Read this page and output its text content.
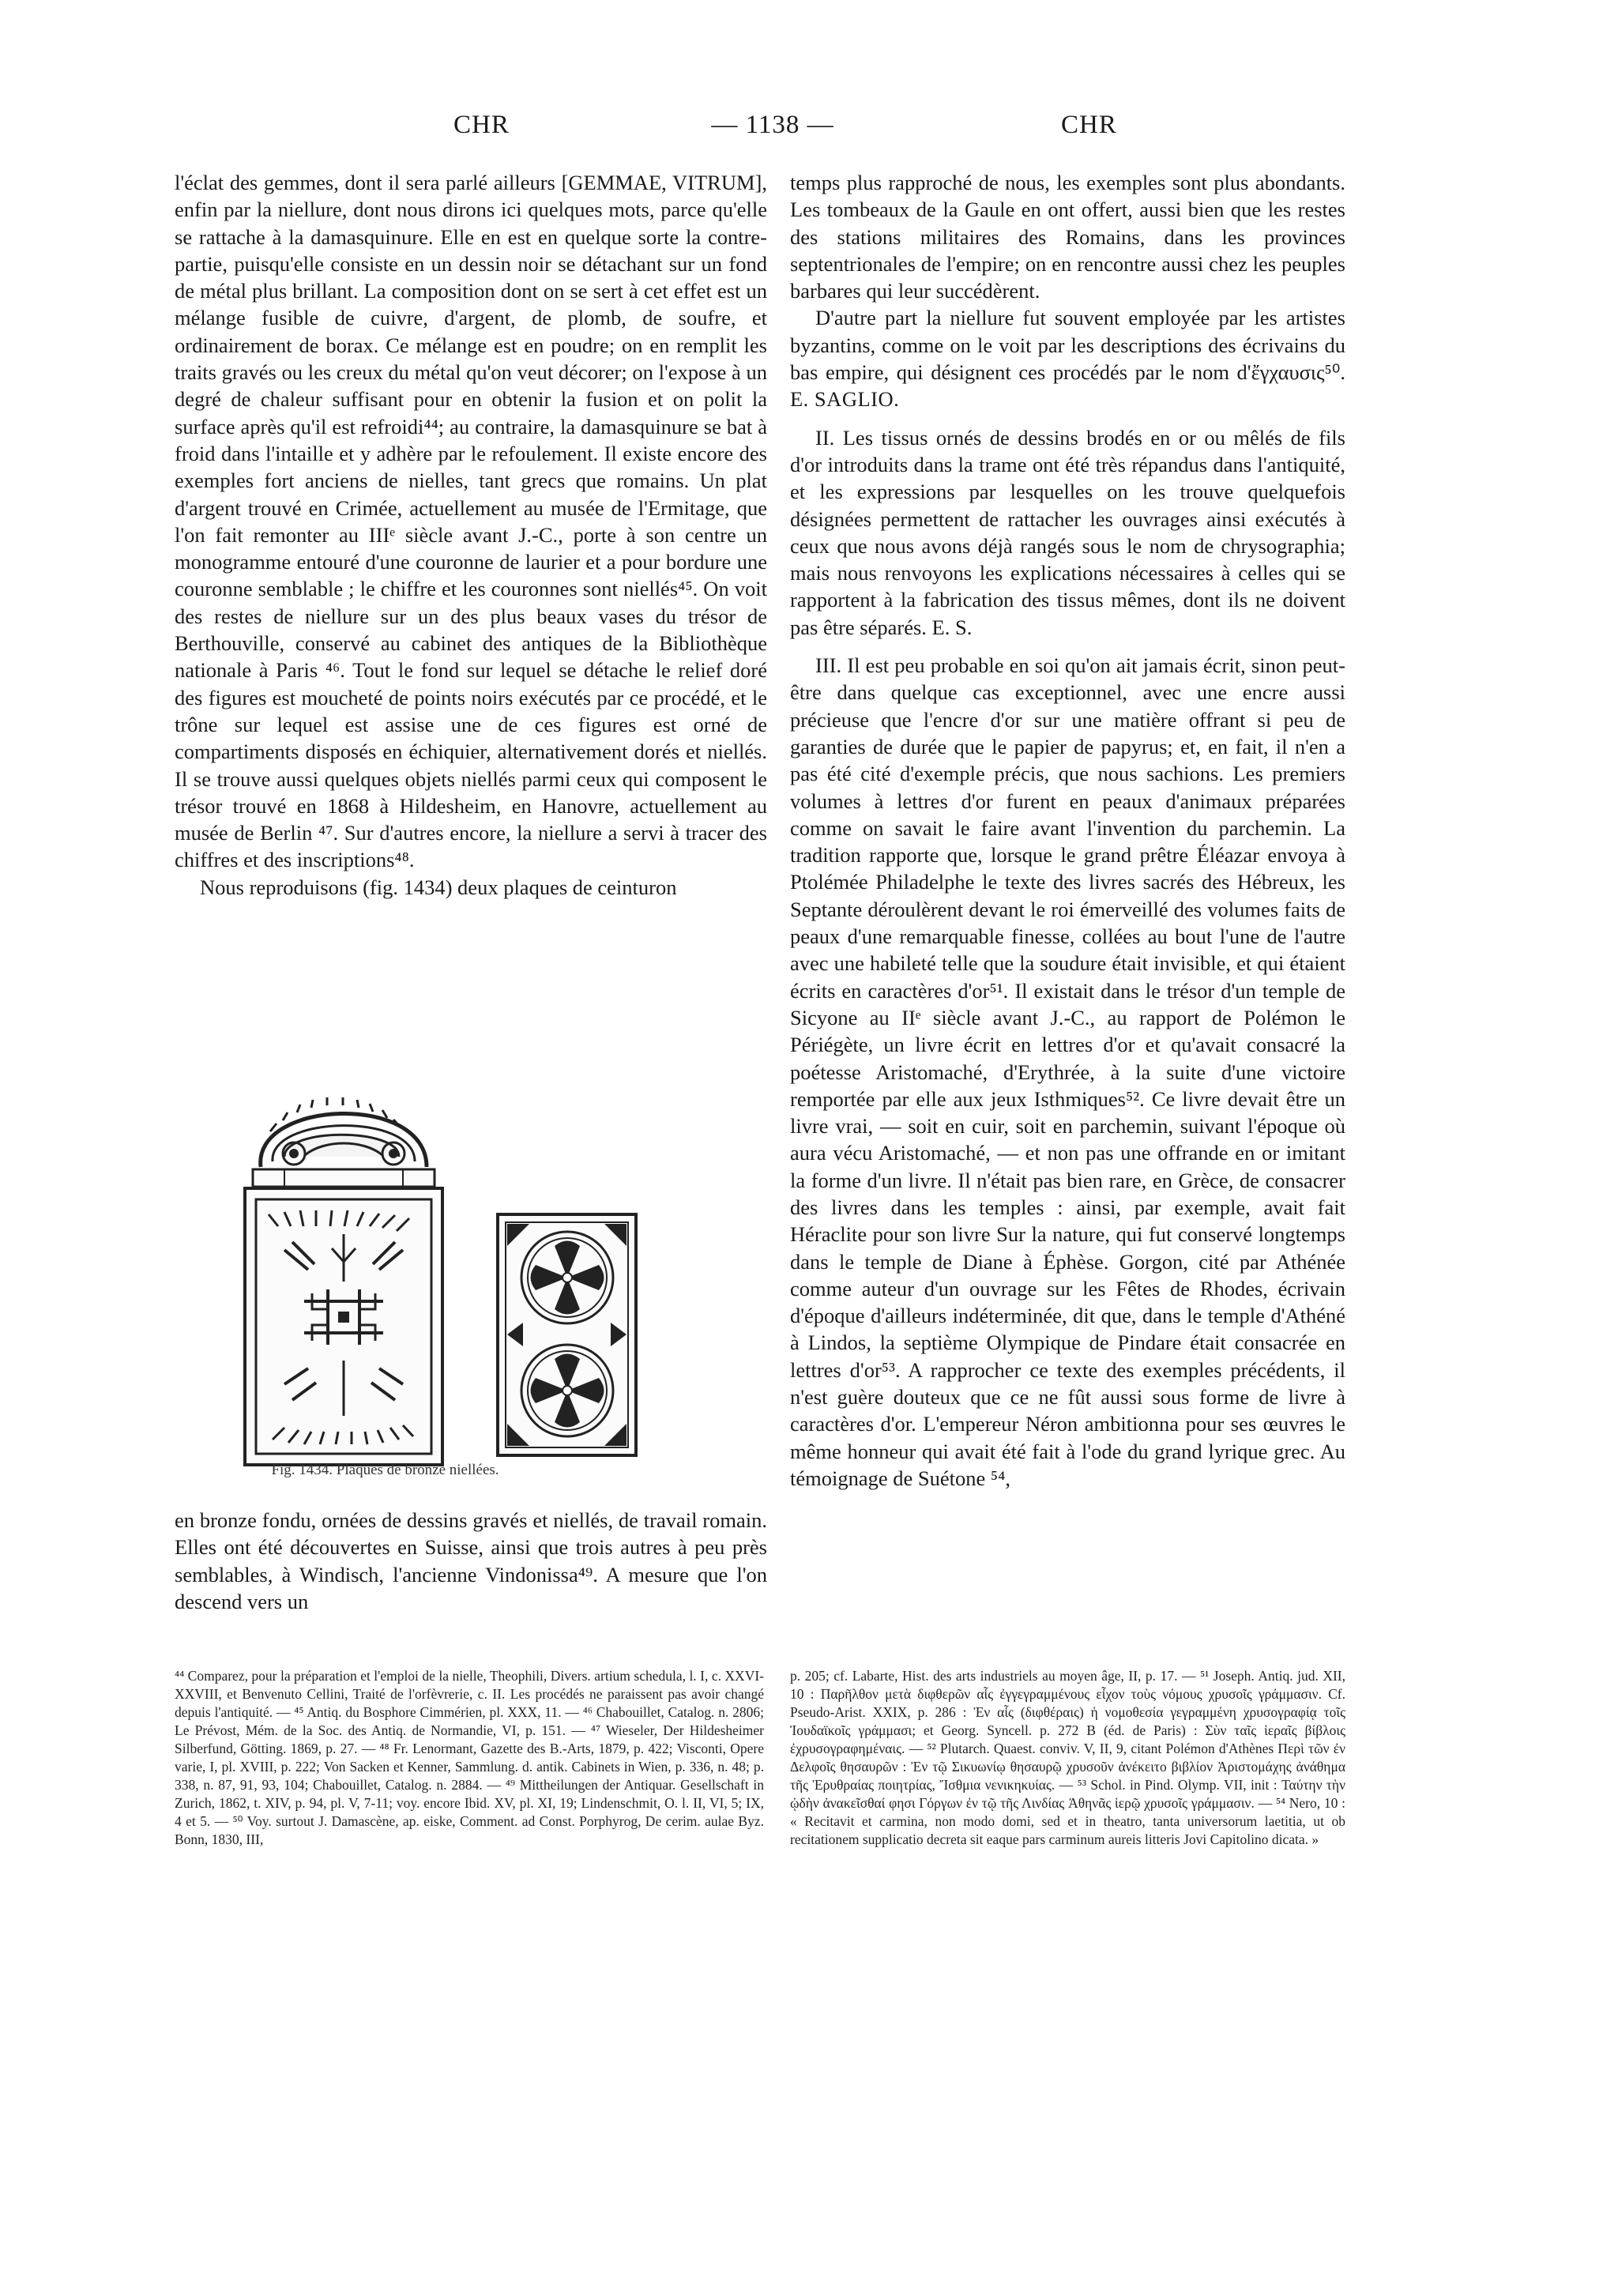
CHR	— 1138 —	CHR

l'éclat des gemmes, dont il sera parlé ailleurs [GEMMAE, VITRUM], enfin par la niellure, dont nous dirons ici quelques mots, parce qu'elle se rattache à la damasquinure. Elle en est en quelque sorte la contre-partie, puisqu'elle consiste en un dessin noir se détachant sur un fond de métal plus brillant. La composition dont on se sert à cet effet est un mélange fusible de cuivre, d'argent, de plomb, de soufre, et ordinairement de borax. Ce mélange est en poudre; on en remplit les traits gravés ou les creux du métal qu'on veut décorer; on l'expose à un degré de chaleur suffisant pour en obtenir la fusion et on polit la surface après qu'il est refroidi⁴⁴; au contraire, la damasquinure se bat à froid dans l'intaille et y adhère par le refoulement. Il existe encore des exemples fort anciens de nielles, tant grecs que romains. Un plat d'argent trouvé en Crimée, actuellement au musée de l'Ermitage, que l'on fait remonter au IIIᵉ siècle avant J.-C., porte à son centre un monogramme entouré d'une couronne de laurier et a pour bordure une couronne semblable ; le chiffre et les couronnes sont niellés⁴⁵. On voit des restes de niellure sur un des plus beaux vases du trésor de Berthouville, conservé au cabinet des antiques de la Bibliothèque nationale à Paris ⁴⁶. Tout le fond sur lequel se détache le relief doré des figures est moucheté de points noirs exécutés par ce procédé, et le trône sur lequel est assise une de ces figures est orné de compartiments disposés en échiquier, alternativement dorés et niellés. Il se trouve aussi quelques objets niellés parmi ceux qui composent le trésor trouvé en 1868 à Hildesheim, en Hanovre, actuellement au musée de Berlin ⁴⁷. Sur d'autres encore, la niellure a servi à tracer des chiffres et des inscriptions⁴⁸.

Nous reproduisons (fig. 1434) deux plaques de ceinturon

Fig. 1434. Plaques de bronze niellées.

en bronze fondu, ornées de dessins gravés et niellés, de travail romain. Elles ont été découvertes en Suisse, ainsi que trois autres à peu près semblables, à Windisch, l'ancienne Vindonissa⁴⁹. A mesure que l'on descend vers un

temps plus rapproché de nous, les exemples sont plus abondants. Les tombeaux de la Gaule en ont offert, aussi bien que les restes des stations militaires des Romains, dans les provinces septentrionales de l'empire; on en rencontre aussi chez les peuples barbares qui leur succédèrent.

D'autre part la niellure fut souvent employée par les artistes byzantins, comme on le voit par les descriptions des écrivains du bas empire, qui désignent ces procédés par le nom d'ἔγχαυσις⁵⁰. E. SAGLIO.

II. Les tissus ornés de dessins brodés en or ou mêlés de fils d'or introduits dans la trame ont été très répandus dans l'antiquité, et les expressions par lesquelles on les trouve quelquefois désignées permettent de rattacher les ouvrages ainsi exécutés à ceux que nous avons déjà rangés sous le nom de chrysographia; mais nous renvoyons les explications nécessaires à celles qui se rapportent à la fabrication des tissus mêmes, dont ils ne doivent pas être séparés. E. S.

III. Il est peu probable en soi qu'on ait jamais écrit, sinon peut-être dans quelque cas exceptionnel, avec une encre aussi précieuse que l'encre d'or sur une matière offrant si peu de garanties de durée que le papier de papyrus; et, en fait, il n'en a pas été cité d'exemple précis, que nous sachions. Les premiers volumes à lettres d'or furent en peaux d'animaux préparées comme on savait le faire avant l'invention du parchemin. La tradition rapporte que, lorsque le grand prêtre Éléazar envoya à Ptolémée Philadelphe le texte des livres sacrés des Hébreux, les Septante déroulèrent devant le roi émerveillé des volumes faits de peaux d'une remarquable finesse, collées au bout l'une de l'autre avec une habileté telle que la soudure était invisible, et qui étaient écrits en caractères d'or⁵¹. Il existait dans le trésor d'un temple de Sicyone au IIᵉ siècle avant J.-C., au rapport de Polémon le Périégète, un livre écrit en lettres d'or et qu'avait consacré la poétesse Aristomaché, d'Erythrée, à la suite d'une victoire remportée par elle aux jeux Isthmiques⁵². Ce livre devait être un livre vrai, — soit en cuir, soit en parchemin, suivant l'époque où aura vécu Aristomaché, — et non pas une offrande en or imitant la forme d'un livre. Il n'était pas bien rare, en Grèce, de consacrer des livres dans les temples : ainsi, par exemple, avait fait Héraclite pour son livre Sur la nature, qui fut conservé longtemps dans le temple de Diane à Éphèse. Gorgon, cité par Athénée comme auteur d'un ouvrage sur les Fêtes de Rhodes, écrivain d'époque d'ailleurs indéterminée, dit que, dans le temple d'Athéné à Lindos, la septième Olympique de Pindare était consacrée en lettres d'or⁵³. A rapprocher ce texte des exemples précédents, il n'est guère douteux que ce ne fût aussi sous forme de livre à caractères d'or. L'empereur Néron ambitionna pour ses œuvres le même honneur qui avait été fait à l'ode du grand lyrique grec. Au témoignage de Suétone ⁵⁴,

⁴⁴ Comparez, pour la préparation et l'emploi de la nielle, Theophili, Divers. artium schedula, l. I, c. XXVI-XXVIII, et Benvenuto Cellini, Traité de l'orfèvrerie, c. II. Les procédés ne paraissent pas avoir changé depuis l'antiquité. — ⁴⁵ Antiq. du Bosphore Cimmérien, pl. XXX, 11. — ⁴⁶ Chabouillet, Catalog. n. 2806; Le Prévost, Mém. de la Soc. des Antiq. de Normandie, VI, p. 151. — ⁴⁷ Wieseler, Der Hildesheimer Silberfund, Götting. 1869, p. 27. — ⁴⁸ Fr. Lenormant, Gazette des B.-Arts, 1879, p. 422; Visconti, Opere varie, I, pl. XVIII, p. 222; Von Sacken et Kenner, Sammlung. d. antik. Cabinets in Wien, p. 336, n. 48; p. 338, n. 87, 91, 93, 104; Chabouillet, Catalog. n. 2884. — ⁴⁹ Mittheilungen der Antiquar. Gesellschaft in Zurich, 1862, t. XIV, p. 94, pl. V, 7-11; voy. encore Ibid. XV, pl. XI, 19; Lindenschmit, O. l. II, VI, 5; IX, 4 et 5. — ⁵⁰ Voy. surtout J. Damascène, ap. eiske, Comment. ad Const. Porphyrog, De cerim. aulae Byz. Bonn, 1830, III,

p. 205; cf. Labarte, Hist. des arts industriels au moyen âge, II, p. 17. — ⁵¹ Joseph. Antiq. jud. XII, 10 : Παρῆλθον μετὰ διφθερῶν αἷς ἐγγεγραμμένους εἶχον τοὺς νόμους χρυσοῖς γράμμασιν. Cf. Pseudo-Arist. XXIX, p. 286 : Ἐν αἷς (διφθέραις) ἡ νομοθεσία γεγραμμένη χρυσογραφίᾳ τοῖς Ἰουδαϊκοῖς γράμμασι; et Georg. Syncell. p. 272 B (éd. de Paris) : Σὺν ταῖς ἱεραῖς βίβλοις ἐχρυσογραφημέναις. — ⁵² Plutarch. Quaest. conviv. V, II, 9, citant Polémon d'Athènes Περὶ τῶν ἐν Δελφοῖς θησαυρῶν : Ἐν τῷ Σικυωνίῳ θησαυρῷ χρυσοῦν ἀνέκειτο βιβλίον Ἀριστομάχης ἀνάθημα τῆς Ἐρυθραίας ποιητρίας, Ἴσθμια νενικηκυίας. — ⁵³ Schol. in Pind. Olymp. VII, init : Ταύτην τὴν ᾠδὴν ἀνακεῖσθαί φησι Γόργων ἐν τῷ τῆς Λινδίας Ἀθηνᾶς ἱερῷ χρυσοῖς γράμμασιν. — ⁵⁴ Nero, 10 : « Recitavit et carmina, non modo domi, sed et in theatro, tanta universorum laetitia, ut ob recitationem supplicatio decreta sit eaque pars carminum aureis litteris Jovi Capitolino dicata. »
